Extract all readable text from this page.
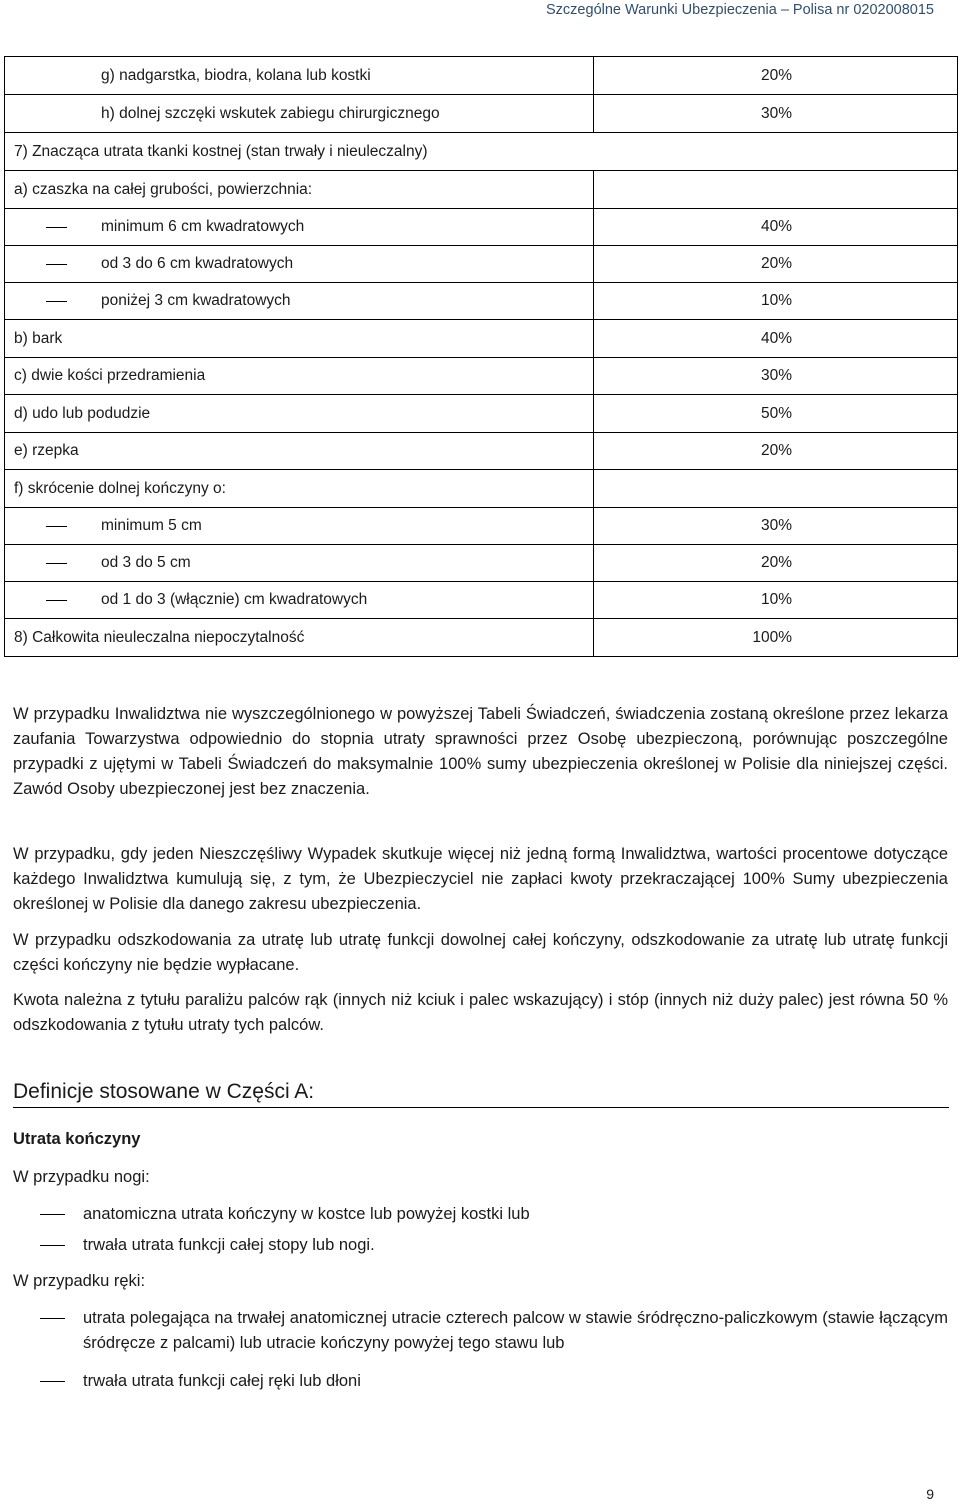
Szczególne Warunki Ubezpieczenia – Polisa nr 0202008015
g) nadgarstka, biodra, kolana lub kostki	20%
h) dolnej szczęki wskutek zabiegu chirurgicznego	30%
7) Znacząca utrata tkanki kostnej (stan trwały i nieuleczalny)	
a) czaszka na całej grubości, powierzchnia:	
minimum 6 cm kwadratowych	40%
od 3 do 6 cm kwadratowych	20%
poniżej 3 cm kwadratowych	10%
b) bark	40%
c) dwie kości przedramienia	30%
d) udo lub podudzie	50%
e) rzepka	20%
f) skrócenie dolnej kończyny o:	
minimum 5 cm	30%
od 3 do 5 cm	20%
od 1 do 3 (włącznie) cm kwadratowych	10%
8) Całkowita nieuleczalna niepoczytalność	100%

W przypadku Inwalidztwa nie wyszczególnionego w powyższej Tabeli Świadczeń, świadczenia zostaną określone przez lekarza zaufania Towarzystwa odpowiednio do stopnia utraty sprawności przez Osobę ubezpieczoną, porównując poszczególne przypadki z ujętymi w Tabeli Świadczeń do maksymalnie 100% sumy ubezpieczenia określonej w Polisie dla niniejszej części. Zawód Osoby ubezpieczonej jest bez znaczenia.

W przypadku, gdy jeden Nieszczęśliwy Wypadek skutkuje więcej niż jedną formą Inwalidztwa, wartości procentowe dotyczące każdego Inwalidztwa kumulują się, z tym, że Ubezpieczyciel nie zapłaci kwoty przekraczającej 100% Sumy ubezpieczenia określonej w Polisie dla danego zakresu ubezpieczenia.

W przypadku odszkodowania za utratę lub utratę funkcji dowolnej całej kończyny, odszkodowanie za utratę lub utratę funkcji części kończyny nie będzie wypłacane.

Kwota należna z tytułu paraliżu palców rąk (innych niż kciuk i palec wskazujący) i stóp (innych niż duży palec) jest równa 50 % odszkodowania z tytułu utraty tych palców.

Definicje stosowane w Części A:
Utrata kończyny
W przypadku nogi:
anatomiczna utrata kończyny w kostce lub powyżej kostki lub
trwała utrata funkcji całej stopy lub nogi.
W przypadku ręki:
utrata polegająca na trwałej anatomicznej utracie czterech palcow w stawie śródręczno-paliczkowym (stawie łączącym śródręcze z palcami) lub utracie kończyny powyżej tego stawu lub
trwała utrata funkcji całej ręki lub dłoni
9
